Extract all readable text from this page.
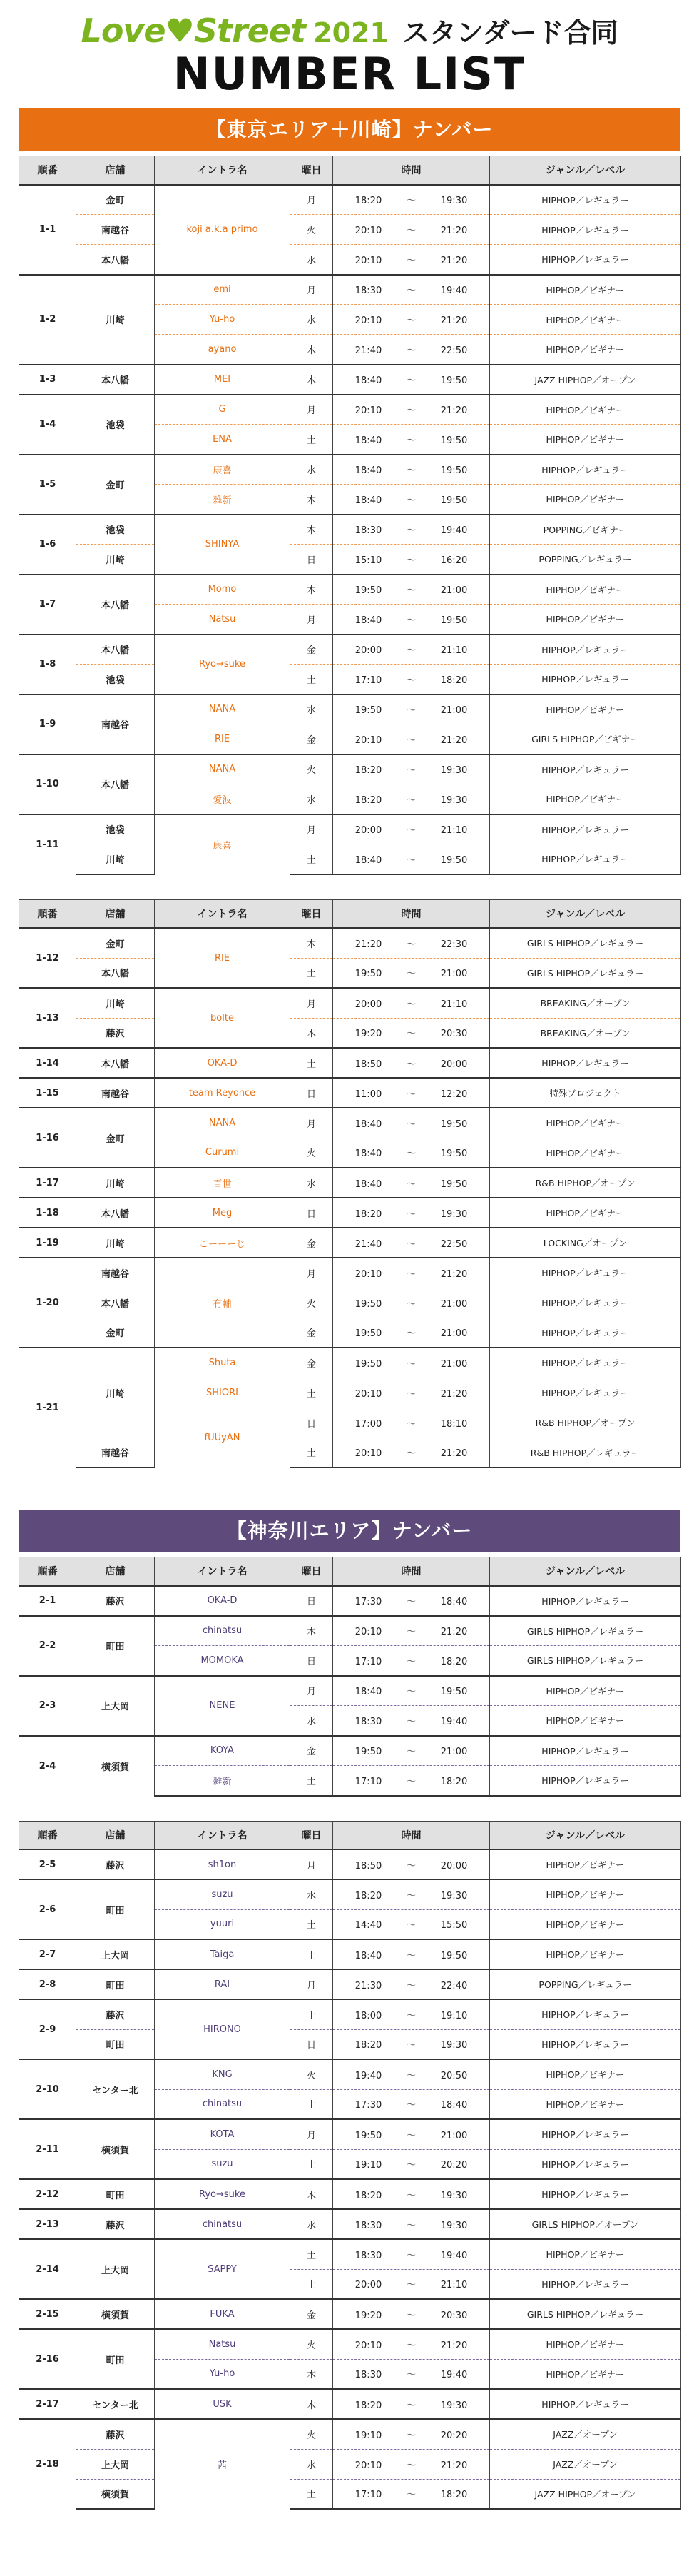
Love♥Street 2021 スタンダード合同
NUMBER LIST
【東京エリア＋川崎】ナンバー
順番	店舗	イントラ名	曜日	時間	ジャンル／レベル
1-1	金町	koji a.k.a primo	月	18:20 〜 19:30	HIPHOP／レギュラー
	南越谷		火	20:10 〜 21:20	HIPHOP／レギュラー
	本八幡		水	20:10 〜 21:20	HIPHOP／レギュラー
1-2	川崎	emi	月	18:30 〜 19:40	HIPHOP／ビギナー
		Yu-ho	水	20:10 〜 21:20	HIPHOP／ビギナー
		ayano	木	21:40 〜 22:50	HIPHOP／ビギナー
1-3	本八幡	MEI	木	18:40 〜 19:50	JAZZ HIPHOP／オープン
1-4	池袋	G	月	20:10 〜 21:20	HIPHOP／ビギナー
		ENA	土	18:40 〜 19:50	HIPHOP／ビギナー
1-5	金町	康喜	水	18:40 〜 19:50	HIPHOP／レギュラー
		雑新	木	18:40 〜 19:50	HIPHOP／ビギナー
1-6	池袋	SHINYA	木	18:30 〜 19:40	POPPING／ビギナー
	川崎		日	15:10 〜 16:20	POPPING／レギュラー
1-7	本八幡	Momo	木	19:50 〜 21:00	HIPHOP／ビギナー
		Natsu	月	18:40 〜 19:50	HIPHOP／ビギナー
1-8	本八幡	Ryo→suke	金	20:00 〜 21:10	HIPHOP／レギュラー
	池袋		土	17:10 〜 18:20	HIPHOP／レギュラー
1-9	南越谷	NANA	水	19:50 〜 21:00	HIPHOP／ビギナー
		RIE	金	20:10 〜 21:20	GIRLS HIPHOP／ビギナー
1-10	本八幡	NANA	火	18:20 〜 19:30	HIPHOP／レギュラー
		愛波	水	18:20 〜 19:30	HIPHOP／ビギナー
1-11	池袋	康喜	月	20:00 〜 21:10	HIPHOP／レギュラー
	川崎		土	18:40 〜 19:50	HIPHOP／レギュラー
順番	店舗	イントラ名	曜日	時間	ジャンル／レベル
1-12	金町	RIE	木	21:20 〜 22:30	GIRLS HIPHOP／レギュラー
	本八幡		土	19:50 〜 21:00	GIRLS HIPHOP／レギュラー
1-13	川崎	bolte	月	20:00 〜 21:10	BREAKING／オープン
	藤沢		木	19:20 〜 20:30	BREAKING／オープン
1-14	本八幡	OKA-D	土	18:50 〜 20:00	HIPHOP／レギュラー
1-15	南越谷	team Reyonce	日	11:00 〜 12:20	特殊プロジェクト
1-16	金町	NANA	月	18:40 〜 19:50	HIPHOP／ビギナー
		Curumi	火	18:40 〜 19:50	HIPHOP／ビギナー
1-17	川崎	百世	水	18:40 〜 19:50	R&B HIPHOP／オープン
1-18	本八幡	Meg	日	18:20 〜 19:30	HIPHOP／ビギナー
1-19	川崎	こーーーじ	金	21:40 〜 22:50	LOCKING／オープン
1-20	南越谷	有輔	月	20:10 〜 21:20	HIPHOP／レギュラー
	本八幡		火	19:50 〜 21:00	HIPHOP／レギュラー
	金町		金	19:50 〜 21:00	HIPHOP／レギュラー
1-21	川崎	Shuta	金	19:50 〜 21:00	HIPHOP／レギュラー
		SHIORI	土	20:10 〜 21:20	HIPHOP／レギュラー
		fUUyAN	日	17:00 〜 18:10	R&B HIPHOP／オープン
	南越谷		土	20:10 〜 21:20	R&B HIPHOP／レギュラー
【神奈川エリア】ナンバー
順番	店舗	イントラ名	曜日	時間	ジャンル／レベル
2-1	藤沢	OKA-D	日	17:30 〜 18:40	HIPHOP／レギュラー
2-2	町田	chinatsu	木	20:10 〜 21:20	GIRLS HIPHOP／レギュラー
		MOMOKA	日	17:10 〜 18:20	GIRLS HIPHOP／レギュラー
2-3	上大岡	NENE	月	18:40 〜 19:50	HIPHOP／ビギナー
			水	18:30 〜 19:40	HIPHOP／ビギナー
2-4	横須賀	KOYA	金	19:50 〜 21:00	HIPHOP／レギュラー
		雑新	土	17:10 〜 18:20	HIPHOP／レギュラー
順番	店舗	イントラ名	曜日	時間	ジャンル／レベル
2-5	藤沢	sh1on	月	18:50 〜 20:00	HIPHOP／ビギナー
2-6	町田	suzu	水	18:20 〜 19:30	HIPHOP／ビギナー
		yuuri	土	14:40 〜 15:50	HIPHOP／ビギナー
2-7	上大岡	Taiga	土	18:40 〜 19:50	HIPHOP／ビギナー
2-8	町田	RAI	月	21:30 〜 22:40	POPPING／レギュラー
2-9	藤沢	HIRONO	土	18:00 〜 19:10	HIPHOP／レギュラー
	町田		日	18:20 〜 19:30	HIPHOP／レギュラー
2-10	センター北	KNG	火	19:40 〜 20:50	HIPHOP／ビギナー
		chinatsu	土	17:30 〜 18:40	HIPHOP／ビギナー
2-11	横須賀	KOTA	月	19:50 〜 21:00	HIPHOP／レギュラー
		suzu	土	19:10 〜 20:20	HIPHOP／レギュラー
2-12	町田	Ryo→suke	木	18:20 〜 19:30	HIPHOP／レギュラー
2-13	藤沢	chinatsu	水	18:30 〜 19:30	GIRLS HIPHOP／オープン
2-14	上大岡	SAPPY	土	18:30 〜 19:40	HIPHOP／ビギナー
			土	20:00 〜 21:10	HIPHOP／レギュラー
2-15	横須賀	FUKA	金	19:20 〜 20:30	GIRLS HIPHOP／レギュラー
2-16	町田	Natsu	火	20:10 〜 21:20	HIPHOP／ビギナー
		Yu-ho	木	18:30 〜 19:40	HIPHOP／ビギナー
2-17	センター北	USK	木	18:20 〜 19:30	HIPHOP／レギュラー
2-18	藤沢	茜	火	19:10 〜 20:20	JAZZ／オープン
	上大岡		水	20:10 〜 21:20	JAZZ／オープン
	横須賀		土	17:10 〜 18:20	JAZZ HIPHOP／オープン
